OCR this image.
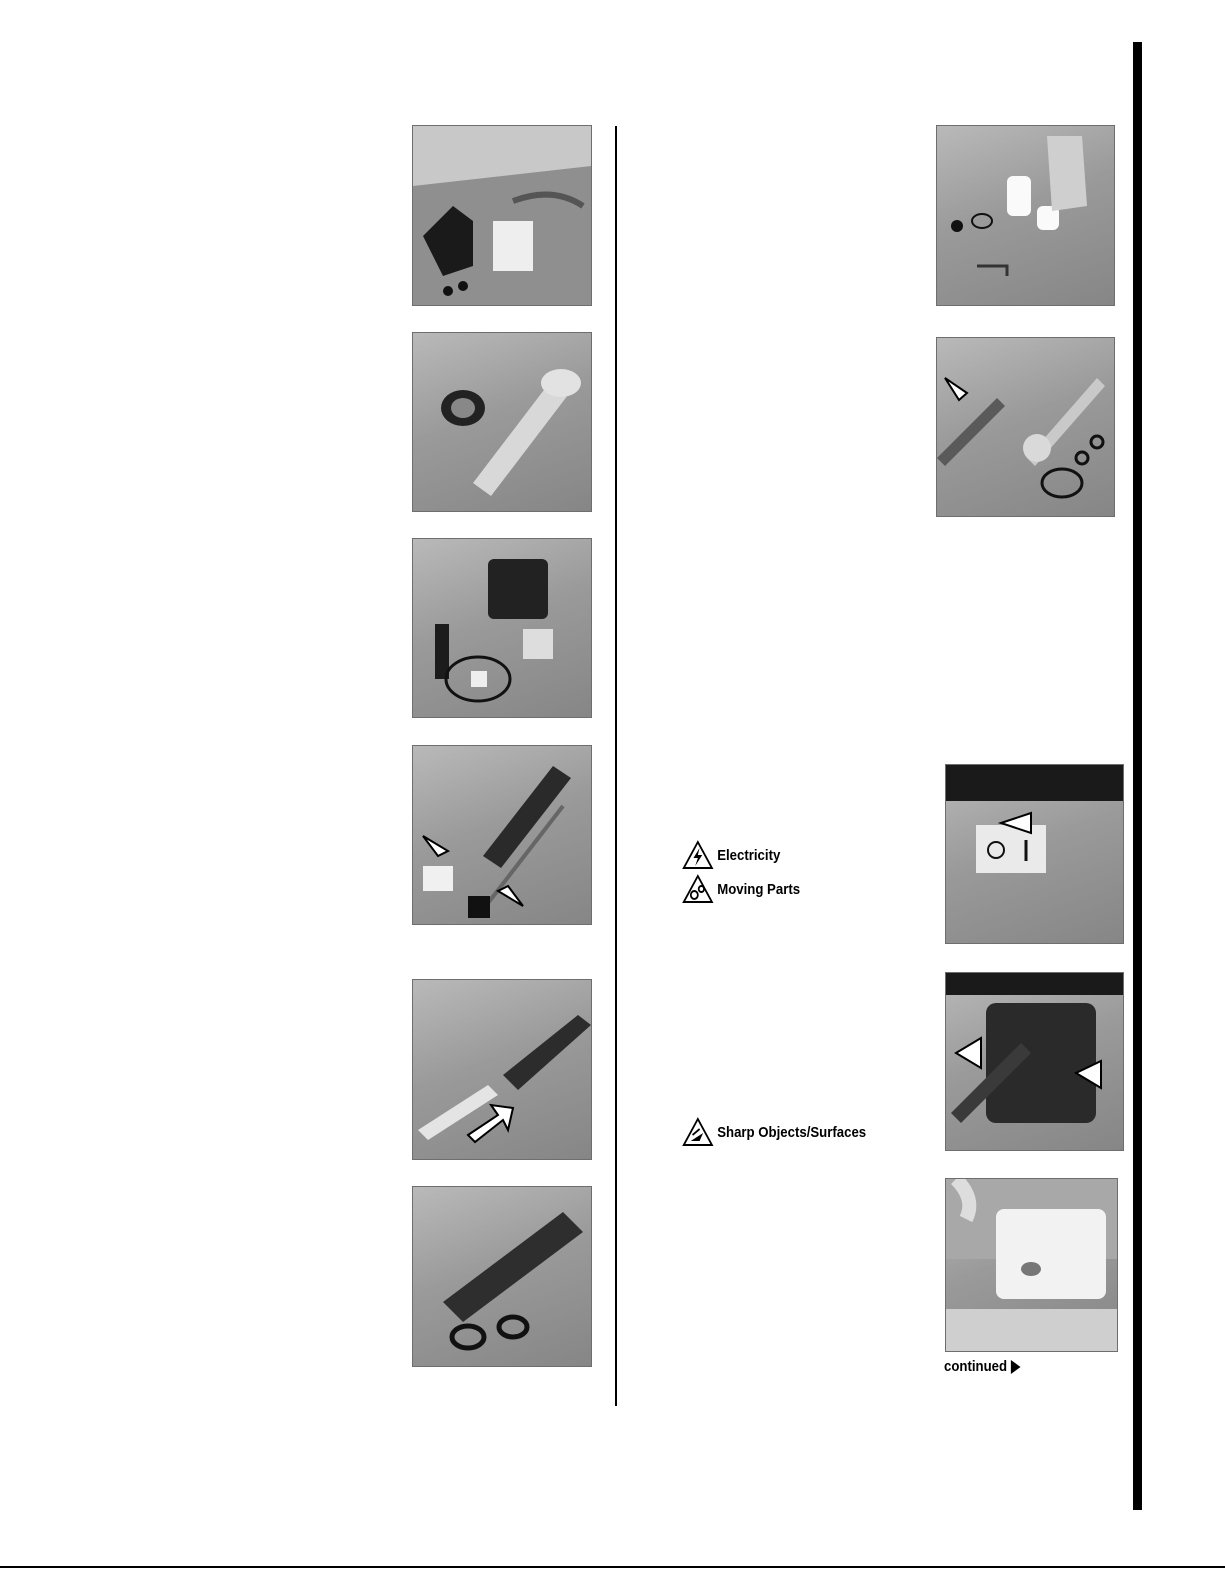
Electricity
Moving Parts
Sharp Objects/Surfaces
continued
